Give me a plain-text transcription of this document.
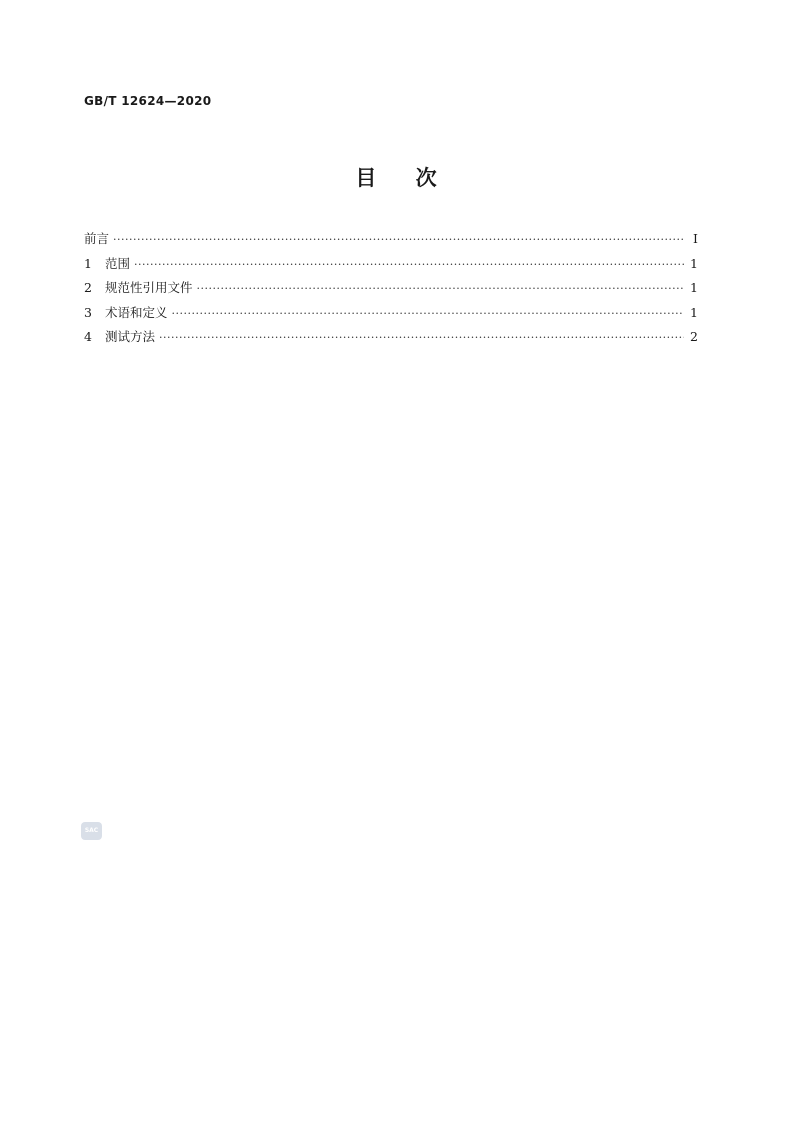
GB/T 12624—2020
目 次
前言 ·····	I
1	范围 ·····	1
2	规范性引用文件 ·····	1
3	术语和定义 ·····	1
4	测试方法 ·····	2
SAC
